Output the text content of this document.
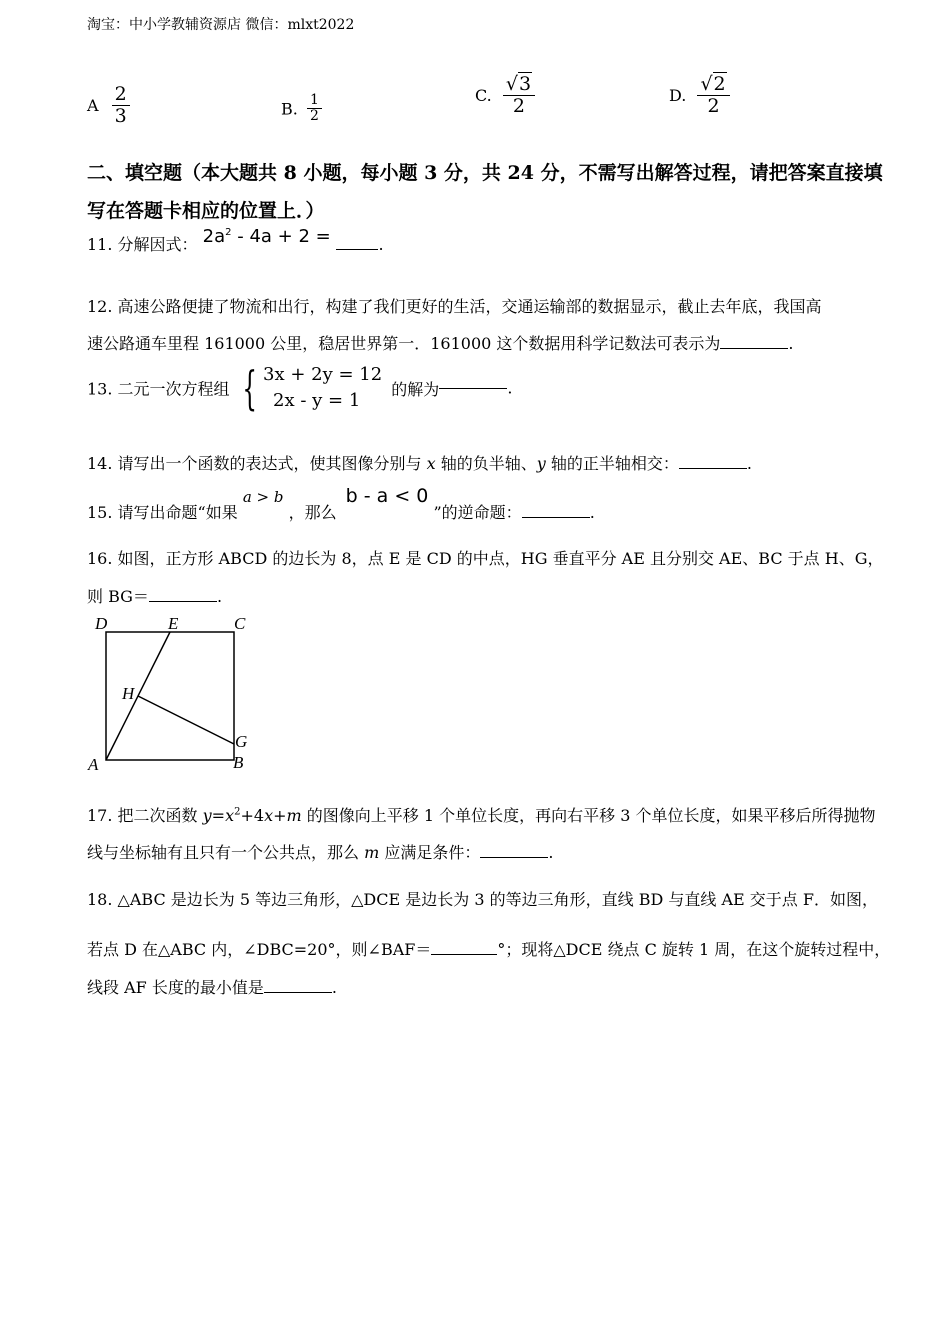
淘宝：中小学教辅资源店 微信：mlxt2022
A $\frac{2}{3}$	B. $\frac{1}{2}$	C. $\frac{√3}{2}$	D. $\frac{√2}{2}$
二、填空题（本大题共 8 小题，每小题 3 分，共 24 分，不需写出解答过程，请把答案直接填
写在答题卡相应的位置上．）
11. 分解因式： $2a^2 - 4a + 2$ =	.
12. 高速公路便捷了物流和出行，构建了我们更好的生活，交通运输部的数据显示，截止去年底，我国高
速公路通车里程 161000 公里，稳居世界第一．161000 这个数据用科学记数法可表示为	.
13. 二元一次方程组 { 3x + 2y = 12
2x - y = 1
的解为	.
14. 请写出一个函数的表达式，使其图像分别与 x 轴的负半轴、y 轴的正半轴相交：	.
15. 请写出命题“如果 a > b ，那么 b - a < 0 ”的逆命题：	.
16. 如图，正方形 ABCD 的边长为 8，点 E 是 CD 的中点，HG 垂直平分 AE 且分别交 AE、BC 于点 H、G，
则 BG＝	.
D	E	C
H
G
A	B
17. 把二次函数 $y=x^2+4x+m$ 的图像向上平移 1 个单位长度，再向右平移 3 个单位长度，如果平移后所得抛物
线与坐标轴有且只有一个公共点，那么 m 应满足条件：	.
18. △ABC 是边长为 5 等边三角形，△DCE 是边长为 3 的等边三角形，直线 BD 与直线 AE 交于点 F．如图，
若点 D 在△ABC 内，∠DBC=20°，则∠BAF＝	°；现将△DCE 绕点 C 旋转 1 周，在这个旋转过程中，
线段 AF 长度的最小值是	.
